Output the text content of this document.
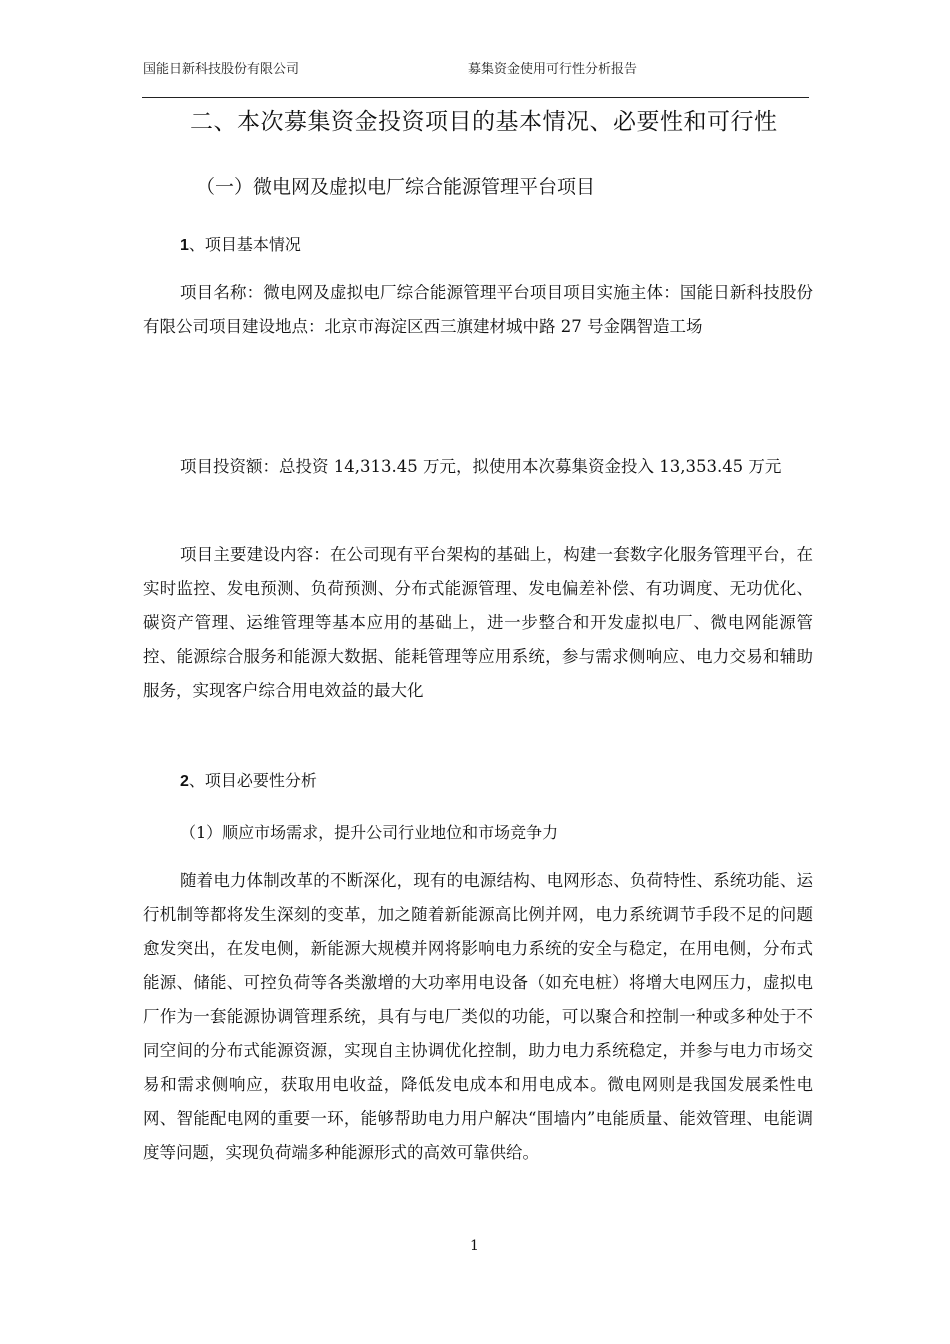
国能日新科技股份有限公司	募集资金使用可行性分析报告
二、本次募集资金投资项目的基本情况、必要性和可行性
（一）微电网及虚拟电厂综合能源管理平台项目
1、项目基本情况
项目名称：微电网及虚拟电厂综合能源管理平台项目项目实施主体：国能日新科技股份有限公司项目建设地点：北京市海淀区西三旗建材城中路 27 号金隅智造工场
项目投资额：总投资 14,313.45 万元，拟使用本次募集资金投入 13,353.45 万元
项目主要建设内容：在公司现有平台架构的基础上，构建一套数字化服务管理平台，在实时监控、发电预测、负荷预测、分布式能源管理、发电偏差补偿、有功调度、无功优化、碳资产管理、运维管理等基本应用的基础上，进一步整合和开发虚拟电厂、微电网能源管控、能源综合服务和能源大数据、能耗管理等应用系统，参与需求侧响应、电力交易和辅助服务，实现客户综合用电效益的最大化
2、项目必要性分析
（1）顺应市场需求，提升公司行业地位和市场竞争力
随着电力体制改革的不断深化，现有的电源结构、电网形态、负荷特性、系统功能、运行机制等都将发生深刻的变革，加之随着新能源高比例并网，电力系统调节手段不足的问题愈发突出，在发电侧，新能源大规模并网将影响电力系统的安全与稳定，在用电侧，分布式能源、储能、可控负荷等各类激增的大功率用电设备（如充电桩）将增大电网压力，虚拟电厂作为一套能源协调管理系统，具有与电厂类似的功能，可以聚合和控制一种或多种处于不同空间的分布式能源资源，实现自主协调优化控制，助力电力系统稳定，并参与电力市场交易和需求侧响应，获取用电收益，降低发电成本和用电成本。微电网则是我国发展柔性电网、智能配电网的重要一环，能够帮助电力用户解决“围墙内”电能质量、能效管理、电能调度等问题，实现负荷端多种能源形式的高效可靠供给。
1
